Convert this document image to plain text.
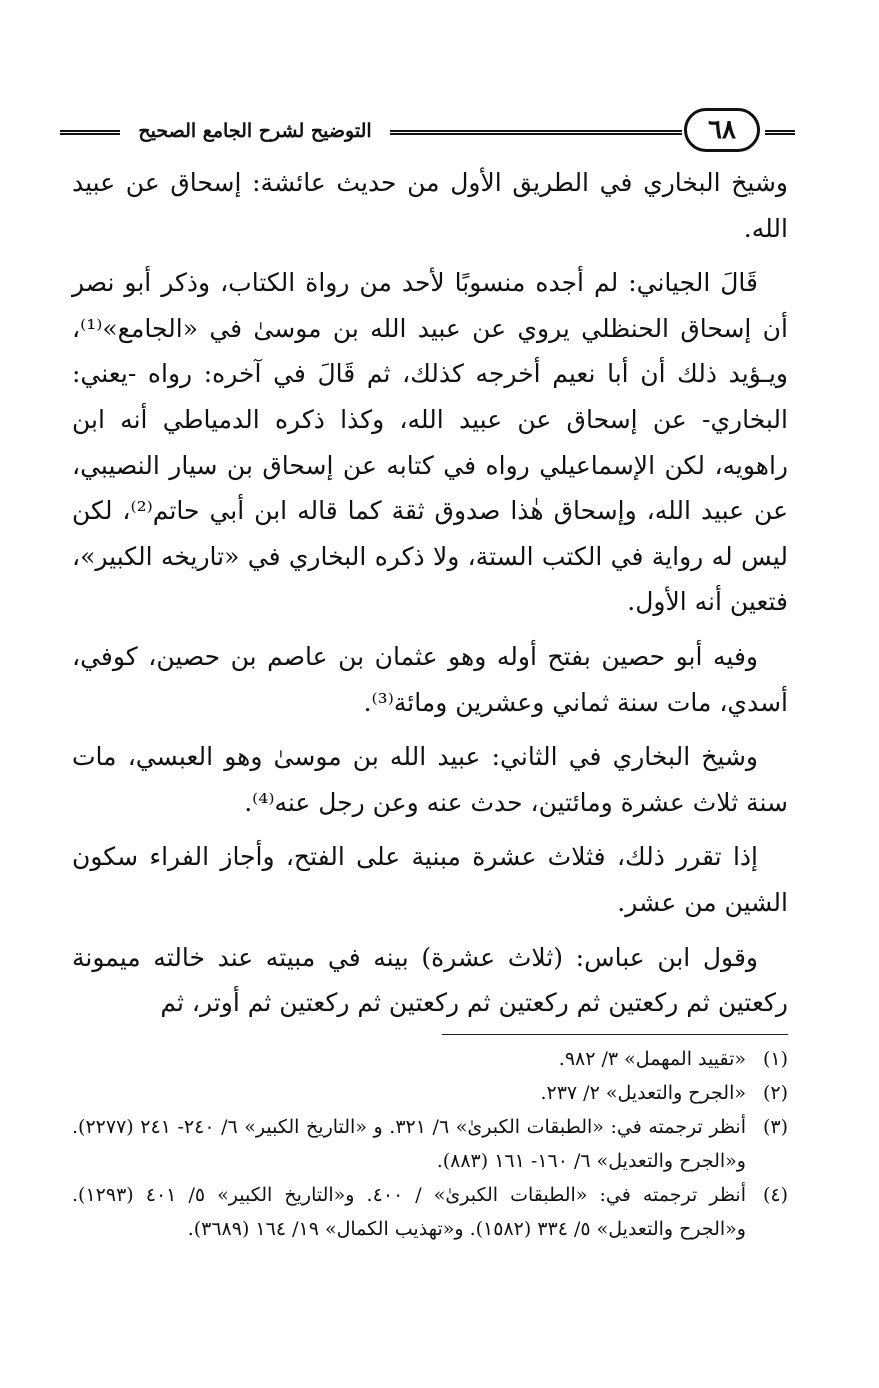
التوضيح لشرح الجامع الصحيح	٦٨

وشيخ البخاري في الطريق الأول من حديث عائشة: إسحاق عن عبيد الله.

قَالَ الجياني: لم أجده منسوبًا لأحد من رواة الكتاب، وذكر أبو نصر أن إسحاق الحنظلي يروي عن عبيد الله بن موسىٰ في «الجامع»⁽¹⁾، ويـؤيد ذلك أن أبا نعيم أخرجه كذلك، ثم قَالَ في آخره: رواه -يعني: البخاري- عن إسحاق عن عبيد الله، وكذا ذكره الدمياطي أنه ابن راهويه، لكن الإسماعيلي رواه في كتابه عن إسحاق بن سيار النصيبي، عن عبيد الله، وإسحاق هٰذا صدوق ثقة كما قاله ابن أبي حاتم⁽²⁾، لكن ليس له رواية في الكتب الستة، ولا ذكره البخاري في «تاريخه الكبير»، فتعين أنه الأول.

وفيه أبو حصين بفتح أوله وهو عثمان بن عاصم بن حصين، كوفي، أسدي، مات سنة ثماني وعشرين ومائة⁽³⁾.

وشيخ البخاري في الثاني: عبيد الله بن موسىٰ وهو العبسي، مات سنة ثلاث عشرة ومائتين، حدث عنه وعن رجل عنه⁽⁴⁾.

إذا تقرر ذلك، فثلاث عشرة مبنية على الفتح، وأجاز الفراء سكون الشين من عشر.

وقول ابن عباس: (ثلاث عشرة) بينه في مبيته عند خالته ميمونة ركعتين ثم ركعتين ثم ركعتين ثم ركعتين ثم ركعتين ثم أوتر، ثم

(١)
«تقييد المهمل» ٣/ ٩٨٢.
(٢)
«الجرح والتعديل» ٢/ ٢٣٧.
(٣)
أنظر ترجمته في: «الطبقات الكبرىٰ» ٦/ ٣٢١. و «التاريخ الكبير» ٦/ ٢٤٠- ٢٤١ (٢٢٧٧). و«الجرح والتعديل» ٦/ ١٦٠- ١٦١ (٨٨٣).
(٤)
أنظر ترجمته في: «الطبقات الكبرىٰ» / ٤٠٠. و«التاريخ الكبير» ٥/ ٤٠١ (١٢٩٣). و«الجرح والتعديل» ٥/ ٣٣٤ (١٥٨٢). و«تهذيب الكمال» ١٩/ ١٦٤ (٣٦٨٩).
